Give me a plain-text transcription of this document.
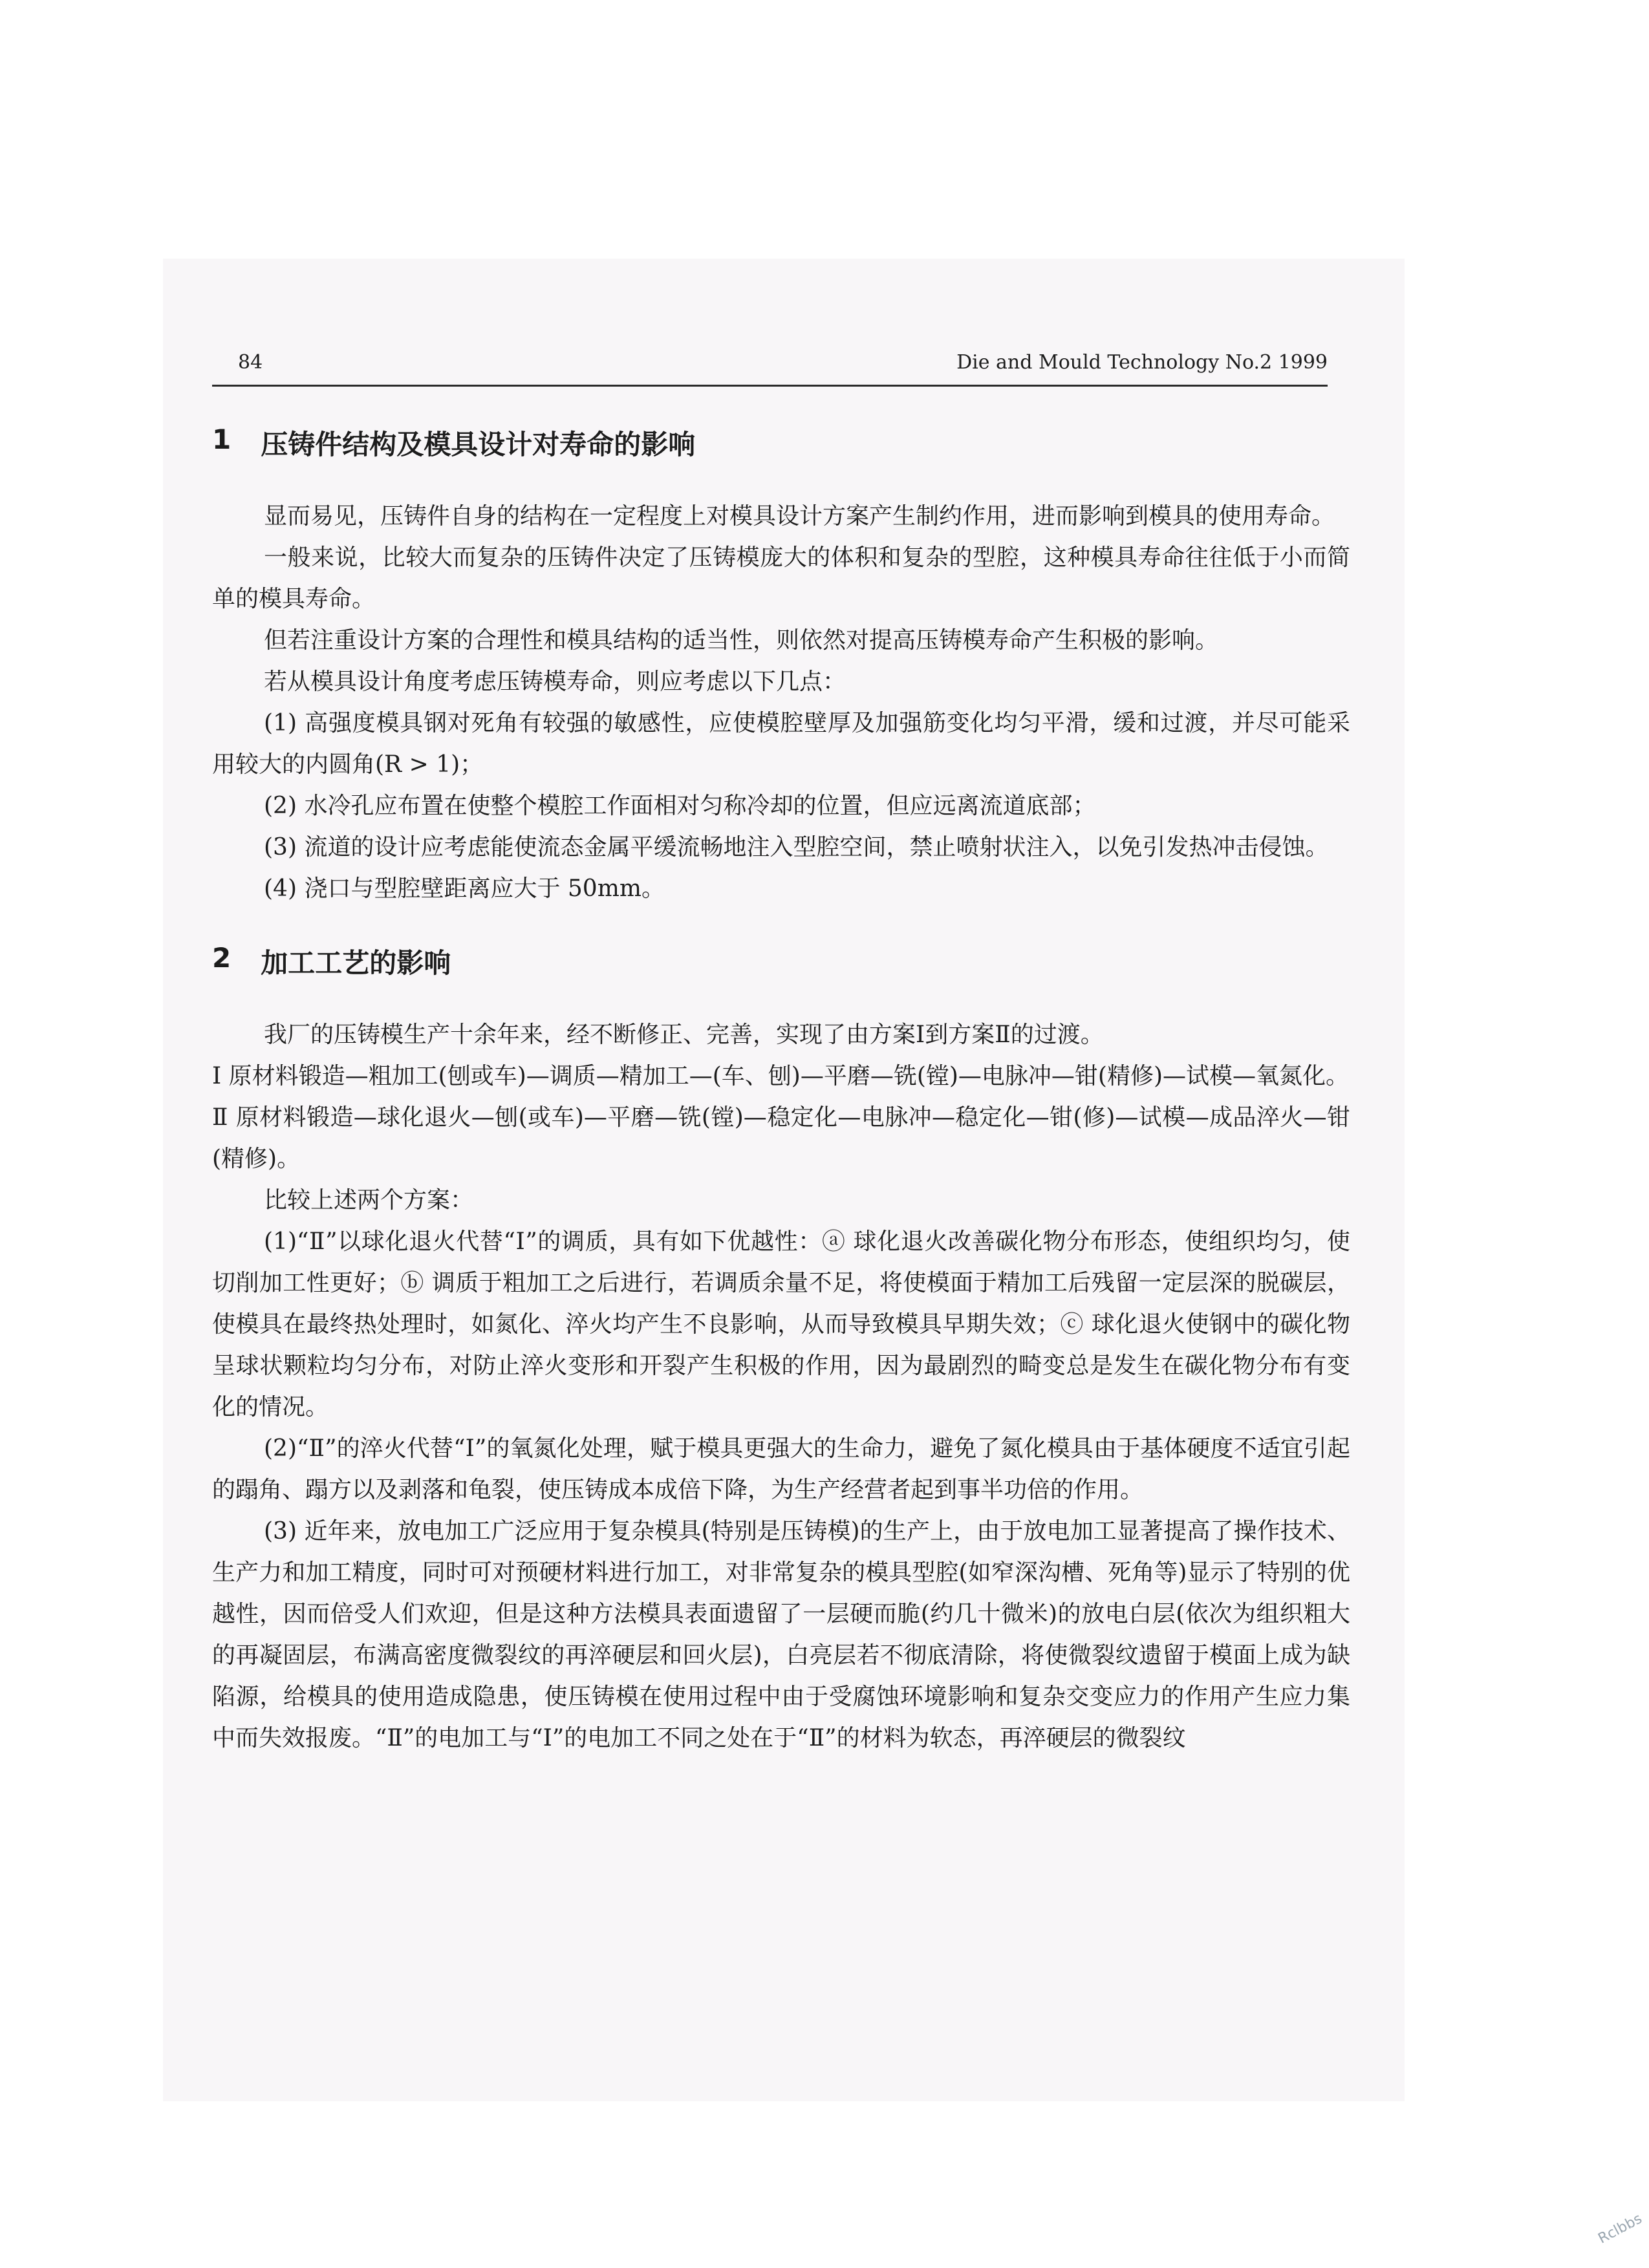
84	Die and Mould Technology No.2 1999
1 压铸件结构及模具设计对寿命的影响

显而易见，压铸件自身的结构在一定程度上对模具设计方案产生制约作用，进而影响到模具的使用寿命。

一般来说，比较大而复杂的压铸件决定了压铸模庞大的体积和复杂的型腔，这种模具寿命往往低于小而简单的模具寿命。

但若注重设计方案的合理性和模具结构的适当性，则依然对提高压铸模寿命产生积极的影响。

若从模具设计角度考虑压铸模寿命，则应考虑以下几点：

(1) 高强度模具钢对死角有较强的敏感性，应使模腔壁厚及加强筋变化均匀平滑，缓和过渡，并尽可能采用较大的内圆角(R > 1)；

(2) 水冷孔应布置在使整个模腔工作面相对匀称冷却的位置，但应远离流道底部；

(3) 流道的设计应考虑能使流态金属平缓流畅地注入型腔空间，禁止喷射状注入，以免引发热冲击侵蚀。

(4) 浇口与型腔壁距离应大于 50mm。

2 加工工艺的影响

我厂的压铸模生产十余年来，经不断修正、完善，实现了由方案Ⅰ到方案Ⅱ的过渡。

Ⅰ 原材料锻造—粗加工(刨或车)—调质—精加工—(车、刨)—平磨—铣(镗)—电脉冲—钳(精修)—试模—氧氮化。

Ⅱ 原材料锻造—球化退火—刨(或车)—平磨—铣(镗)—稳定化—电脉冲—稳定化—钳(修)—试模—成品淬火—钳(精修)。

比较上述两个方案：

(1)“Ⅱ”以球化退火代替“Ⅰ”的调质，具有如下优越性：ⓐ 球化退火改善碳化物分布形态，使组织均匀，使切削加工性更好；ⓑ 调质于粗加工之后进行，若调质余量不足，将使模面于精加工后残留一定层深的脱碳层，使模具在最终热处理时，如氮化、淬火均产生不良影响，从而导致模具早期失效；ⓒ 球化退火使钢中的碳化物呈球状颗粒均匀分布，对防止淬火变形和开裂产生积极的作用，因为最剧烈的畸变总是发生在碳化物分布有变化的情况。

(2)“Ⅱ”的淬火代替“Ⅰ”的氧氮化处理，赋于模具更强大的生命力，避免了氮化模具由于基体硬度不适宜引起的蹋角、蹋方以及剥落和龟裂，使压铸成本成倍下降，为生产经营者起到事半功倍的作用。

(3) 近年来，放电加工广泛应用于复杂模具(特别是压铸模)的生产上，由于放电加工显著提高了操作技术、生产力和加工精度，同时可对预硬材料进行加工，对非常复杂的模具型腔(如窄深沟槽、死角等)显示了特别的优越性，因而倍受人们欢迎，但是这种方法模具表面遗留了一层硬而脆(约几十微米)的放电白层(依次为组织粗大的再凝固层，布满高密度微裂纹的再淬硬层和回火层)，白亮层若不彻底清除，将使微裂纹遗留于模面上成为缺陷源，给模具的使用造成隐患，使压铸模在使用过程中由于受腐蚀环境影响和复杂交变应力的作用产生应力集中而失效报废。“Ⅱ”的电加工与“Ⅰ”的电加工不同之处在于“Ⅱ”的材料为软态，再淬硬层的微裂纹

Rclbbs
